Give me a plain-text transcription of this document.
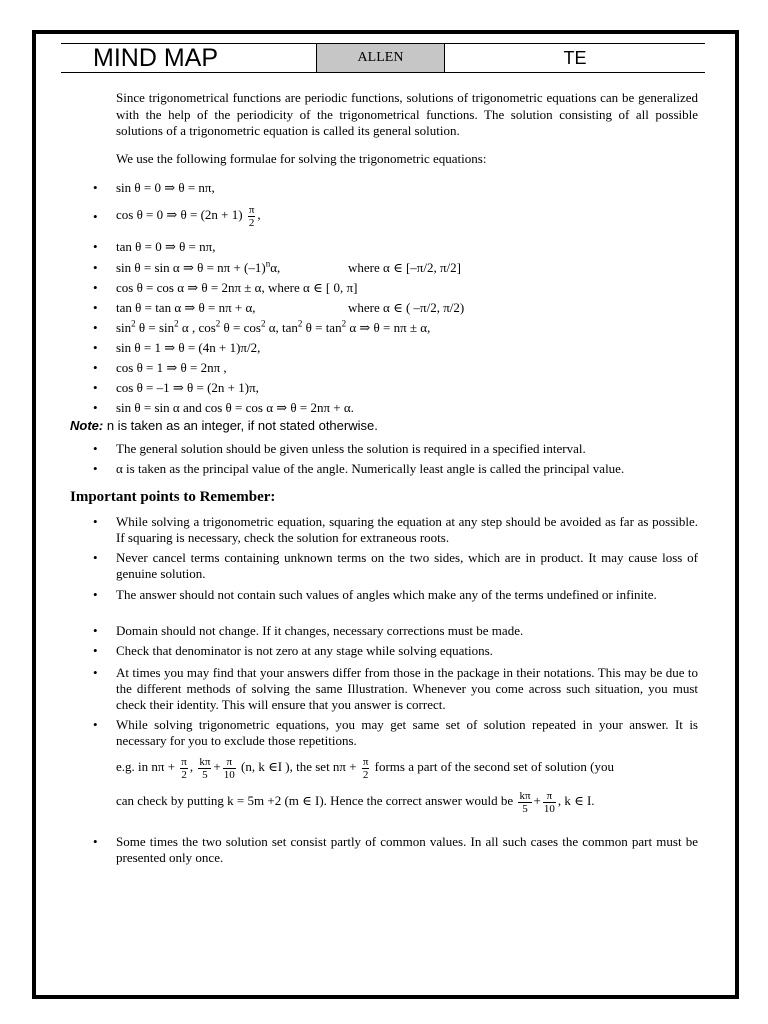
MIND MAP	ALLEN	TE

Since trigonometrical functions are periodic functions, solutions of trigonometric equations can be generalized with the help of the periodicity of the trigonometrical functions. The solution consisting of all possible solutions of a trigonometric equation is called its general solution.

We use the following formulae for solving the trigonometric equations:

• sin θ = 0 ⇒ θ = nπ,

• cos θ = 0 ⇒ $\theta = (2n + 1) \frac{\pi}{2}$ ,

• tan θ = 0 ⇒ θ = nπ,

• sin θ = sin α ⇒ $\theta = n\pi + (-1)^n\alpha$,	where α ∈ [–π/2, π/2]

• cos θ = cos α ⇒ θ = 2nπ ± α, where α ∈ [ 0, π]

• tan θ = tan α ⇒ θ = nπ + α,	where α ∈ ( –π/2, π/2)

• $\sin^2 \theta = \sin^2 \alpha$ , $\cos^2 \theta = \cos^2 \alpha$, $\tan^2 \theta = \tan^2 \alpha$ ⇒ θ = nπ ± α,

• sin θ = 1 ⇒ θ = (4n + 1)π/2,

• cos θ = 1 ⇒ θ = 2nπ ,

• cos θ = –1 ⇒ θ = (2n + 1)π,

• sin θ = sin α and cos θ = cos α ⇒ θ = 2nπ + α.

Note: n is taken as an integer, if not stated otherwise.
• The general solution should be given unless the solution is required in a specified interval.

• α is taken as the principal value of the angle. Numerically least angle is called the principal value.

Important points to Remember:
• While solving a trigonometric equation, squaring the equation at any step should be avoided as far as possible. If squaring is necessary, check the solution for extraneous roots.

• Never cancel terms containing unknown terms on the two sides, which are in product. It may cause loss of genuine solution.

• The answer should not contain such values of angles which make any of the terms undefined or infinite.

• Domain should not change. If it changes, necessary corrections must be made.

• Check that denominator is not zero at any stage while solving equations.

• At times you may find that your answers differ from those in the package in their notations. This may be due to the different methods of solving the same Illustration. Whenever you come across such situation, you must check their identity. This will ensure that you answer is correct.

• While solving trigonometric equations, you may get same set of solution repeated in your answer. It is necessary for you to exclude those repetitions.

e.g. in $n\pi + \frac{\pi}{2}$ , $\frac{k\pi}{5} + \frac{\pi}{10} (n$, k ∈I ), the set $n\pi + \frac{\pi}{2}$ forms a part of the second set of solution (you

can check by putting k = 5m +2 (m ∈ I). Hence the correct answer would be $\frac{k\pi}{5} + \frac{\pi}{10}$ , k ∈ I.

• Some times the two solution set consist partly of common values. In all such cases the common part must be presented only once.
